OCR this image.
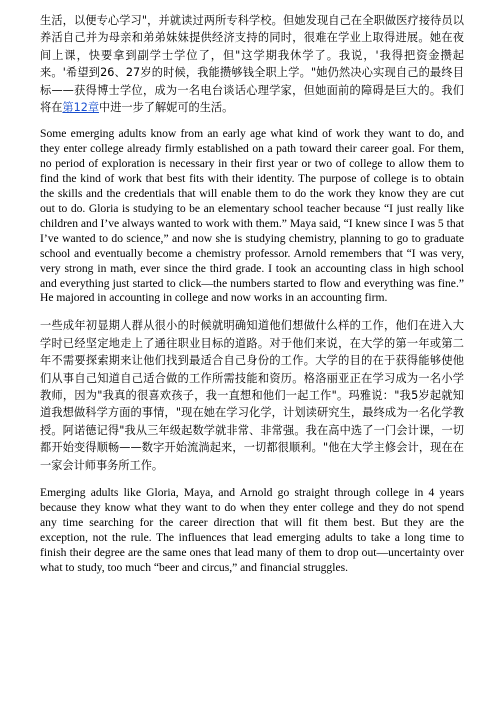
生活，以便专心学习"，并就读过两所专科学校。但她发现自己在全职做医疗接待员以养活自己并为母亲和弟弟妹妹提供经济支持的同时，很难在学业上取得进展。她在夜间上课，快要拿到副学士学位了，但"这学期我休学了。我说，'我得把资金攒起来。'希望到26、27岁的时候，我能攒够钱全职上学。"她仍然决心实现自己的最终目标——获得博士学位，成为一名电台谈话心理学家，但她面前的障碍是巨大的。我们将在第12章中进一步了解妮可的生活。

Some emerging adults know from an early age what kind of work they want to do, and they enter college already firmly established on a path toward their career goal. For them, no period of exploration is necessary in their first year or two of college to allow them to find the kind of work that best fits with their identity. The purpose of college is to obtain the skills and the credentials that will enable them to do the work they know they are cut out to do. Gloria is studying to be an elementary school teacher because “I just really like children and I’ve always wanted to work with them.” Maya said, “I knew since I was 5 that I’ve wanted to do science,” and now she is studying chemistry, planning to go to graduate school and eventually become a chemistry professor. Arnold remembers that “I was very, very strong in math, ever since the third grade. I took an accounting class in high school and everything just started to click—the numbers started to flow and everything was fine.” He majored in accounting in college and now works in an accounting firm.

一些成年初显期人群从很小的时候就明确知道他们想做什么样的工作，他们在进入大学时已经坚定地走上了通往职业目标的道路。对于他们来说，在大学的第一年或第二年不需要探索期来让他们找到最适合自己身份的工作。大学的目的在于获得能够使他们从事自己知道自己适合做的工作所需技能和资历。格洛丽亚正在学习成为一名小学教师，因为"我真的很喜欢孩子，我一直想和他们一起工作"。玛雅说："我5岁起就知道我想做科学方面的事情，"现在她在学习化学，计划读研究生，最终成为一名化学教授。阿诺德记得"我从三年级起数学就非常、非常强。我在高中选了一门会计课，一切都开始变得顺畅——数字开始流淌起来，一切都很顺利。"他在大学主修会计，现在在一家会计师事务所工作。

Emerging adults like Gloria, Maya, and Arnold go straight through college in 4 years because they know what they want to do when they enter college and they do not spend any time searching for the career direction that will fit them best. But they are the exception, not the rule. The influences that lead emerging adults to take a long time to finish their degree are the same ones that lead many of them to drop out—uncertainty over what to study, too much “beer and circus,” and financial struggles.
